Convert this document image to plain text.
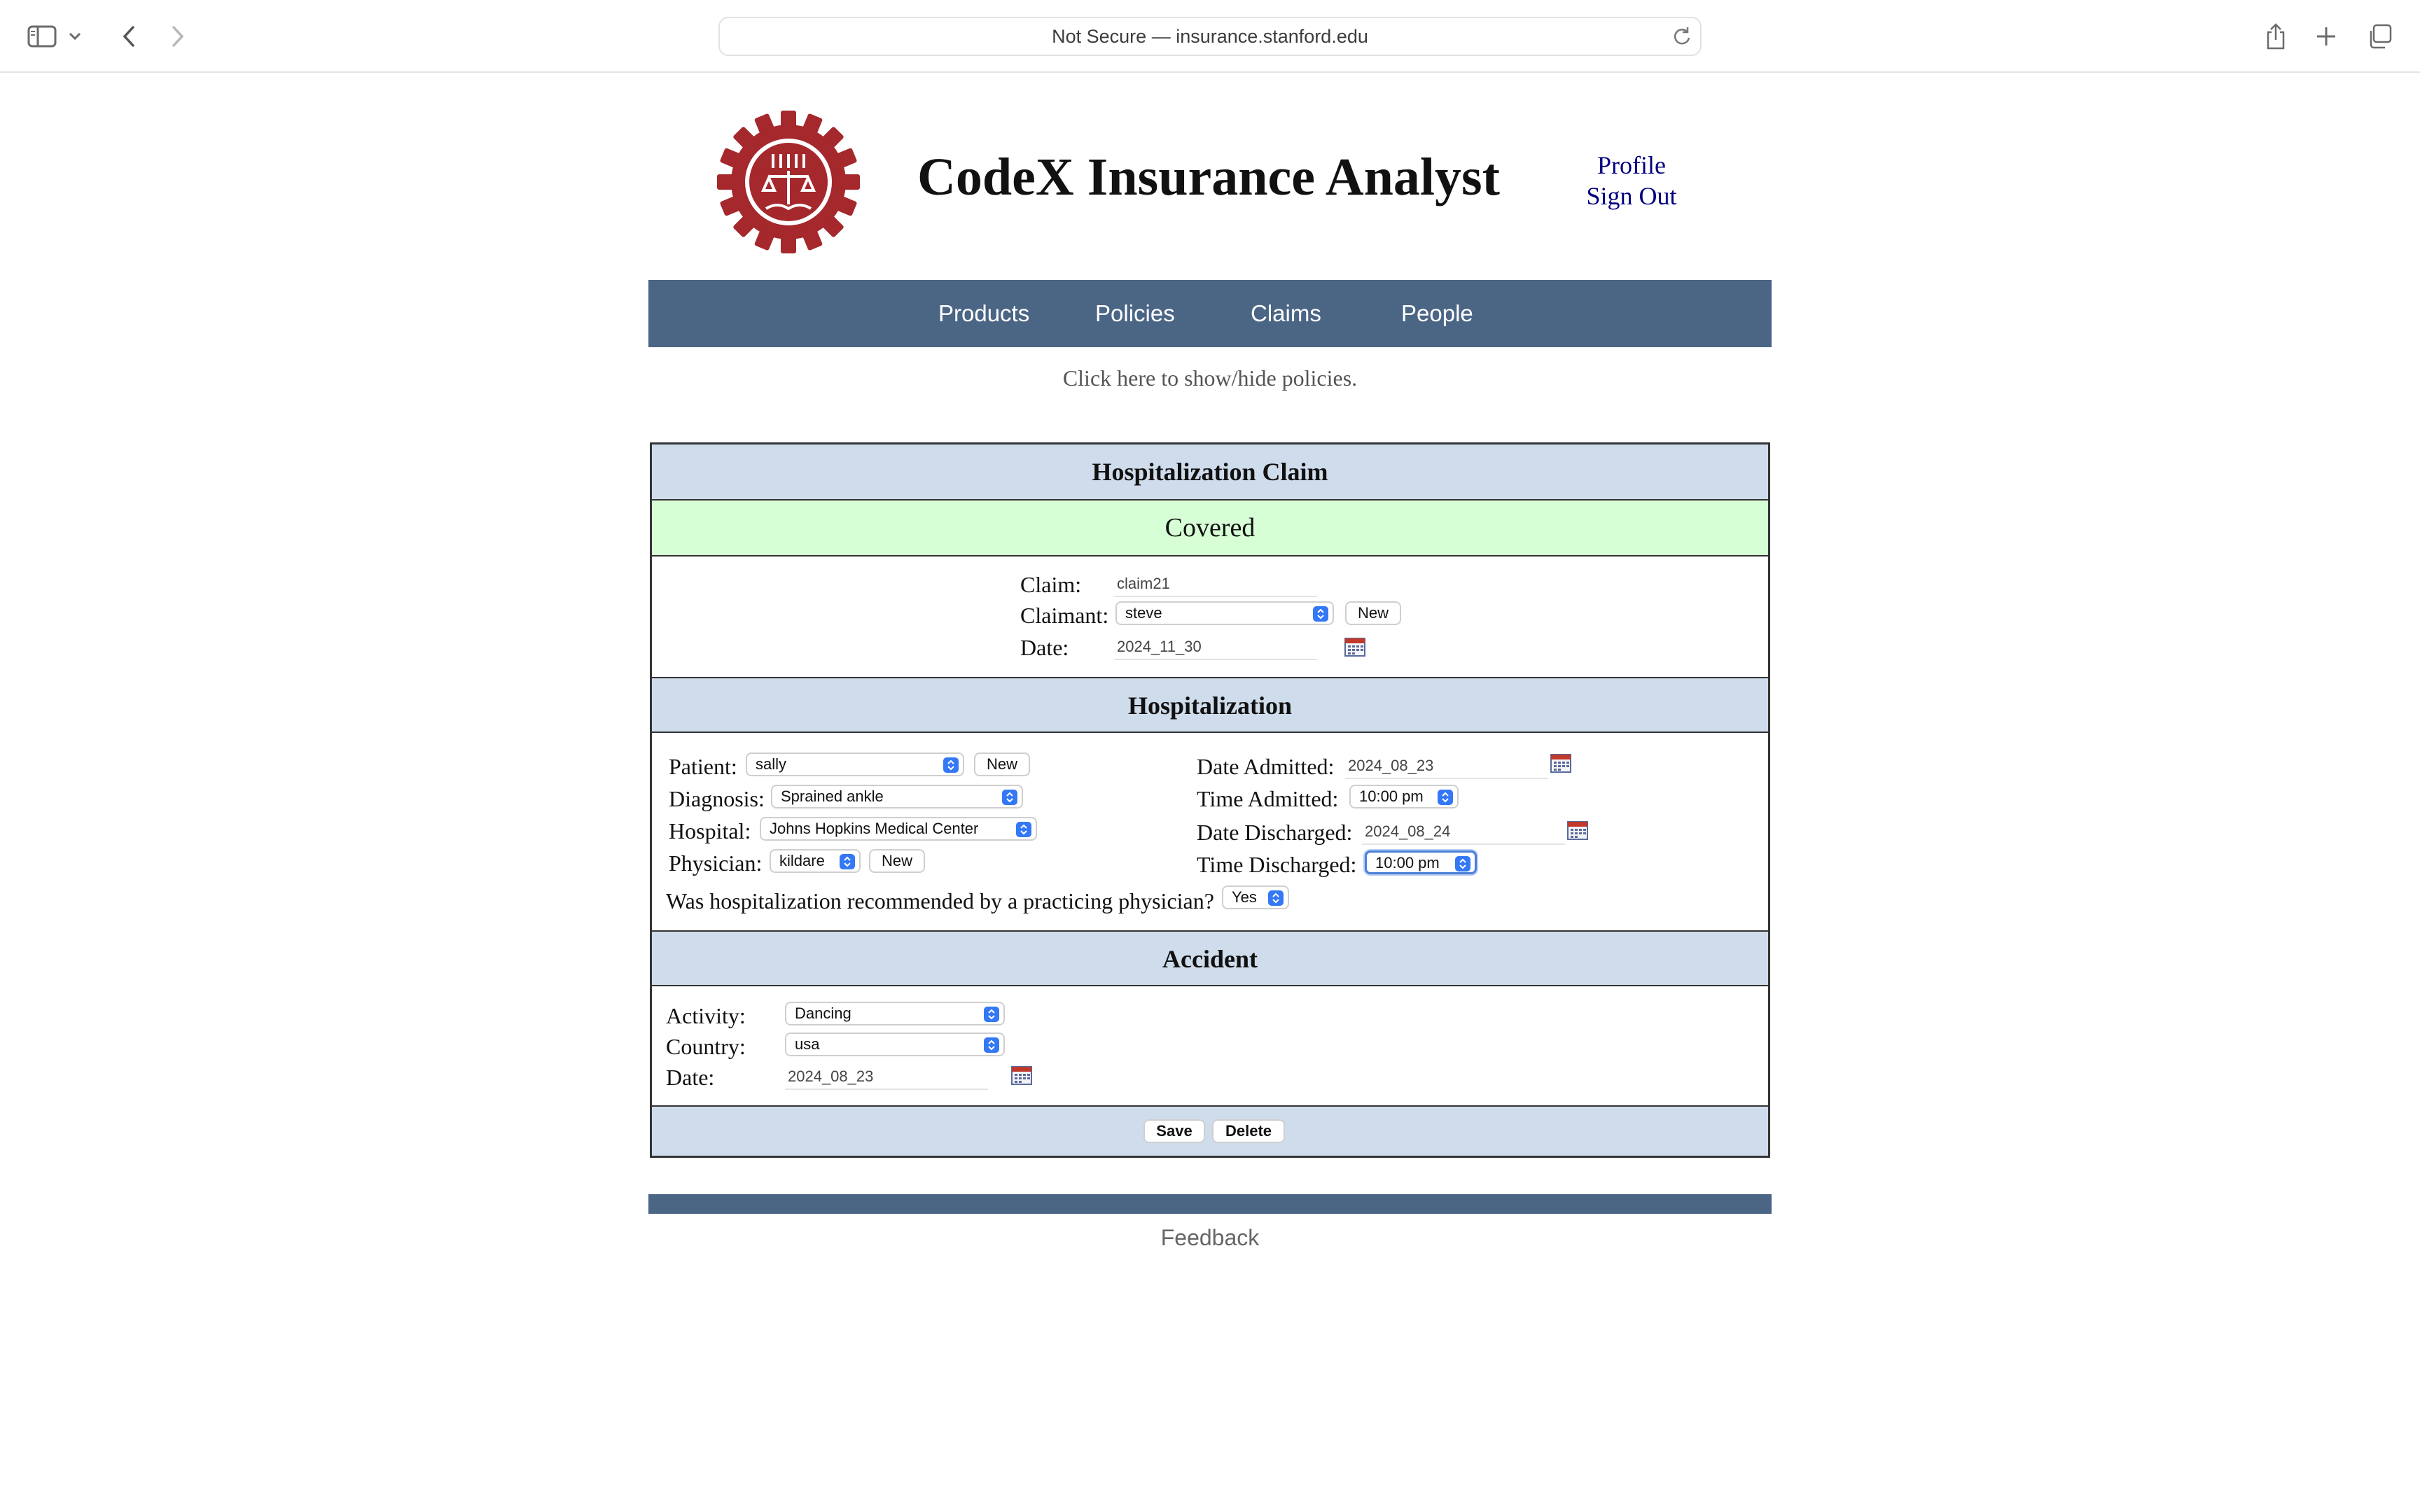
Not Secure — insurance.stanford.edu
CodeX Insurance Analyst	Profile
Sign Out
Products	Policies	Claims	People
Click here to show/hide policies.
Hospitalization Claim
Covered
Claim: claim21
Claimant:	steve	New
Date:	2024_11_30
Hospitalization
Patient:	sally	New
Diagnosis:	Sprained ankle
Hospital:	Johns Hopkins Medical Center
Physician:	kildare	New
Date Admitted: 2024_08_23
Time Admitted:	10:00 pm
Date Discharged: 2024_08_24
Time Discharged:	10:00 pm
Was hospitalization recommended by a practicing physician?	Yes
Accident
Activity:	Dancing
Country:	usa
Date:	2024_08_23
Save	Delete
Feedback
